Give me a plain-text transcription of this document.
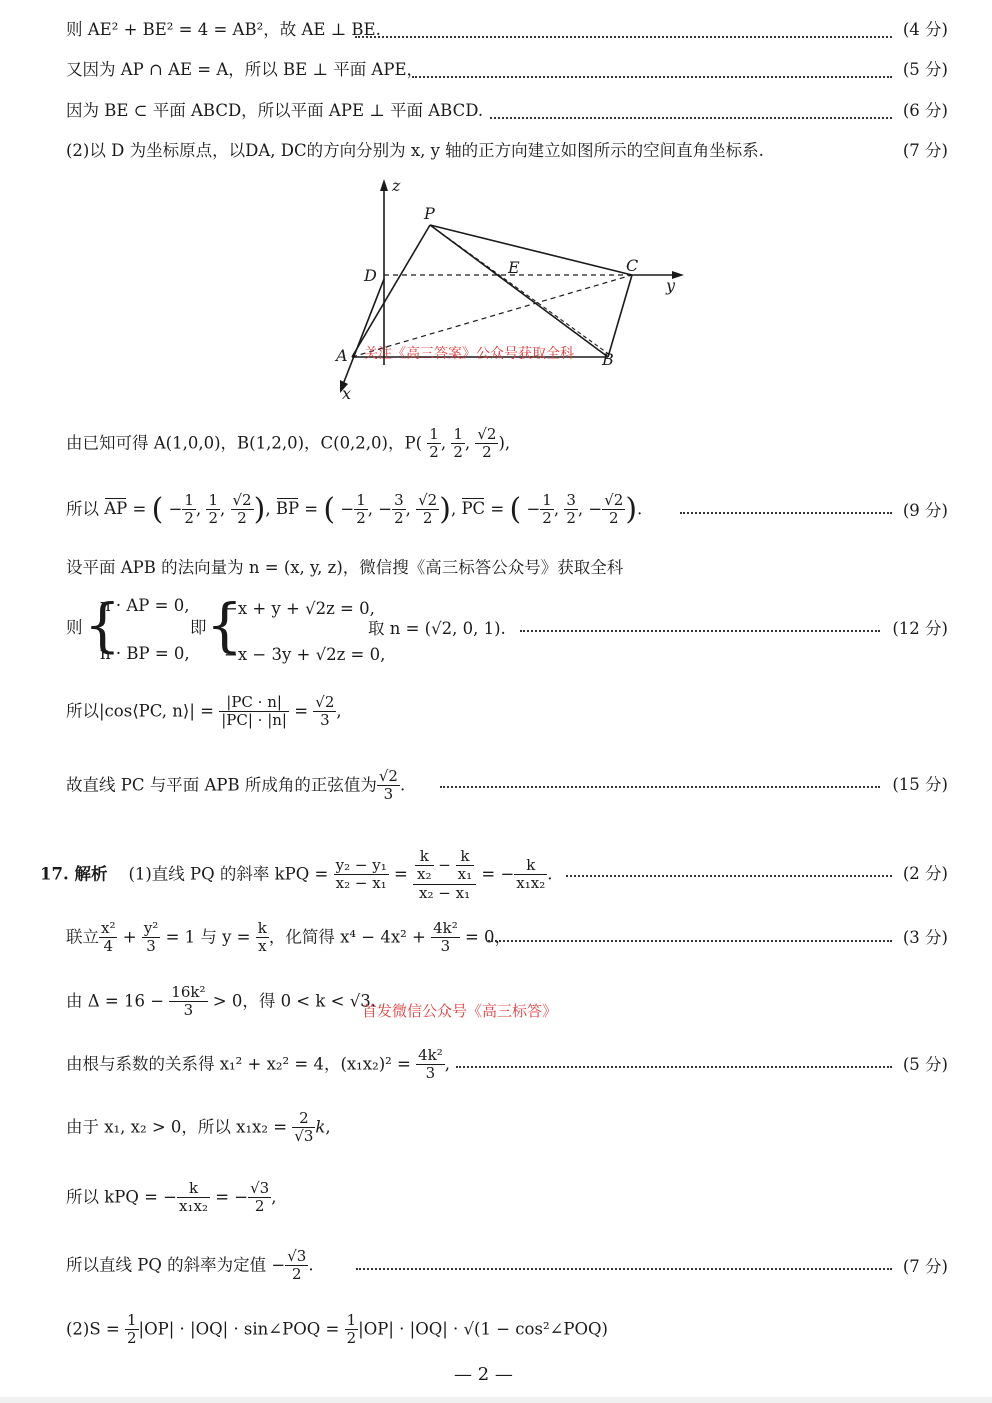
则 AE² + BE² = 4 = AB²，故 AE ⊥ BE.	(4 分)
又因为 AP ∩ AE = A，所以 BE ⊥ 平面 APE，	(5 分)
因为 BE ⊂ 平面 ABCD，所以平面 APE ⊥ 平面 ABCD.	(6 分)
(2)以 D 为坐标原点，以DA, DC的方向分别为 x, y 轴的正方向建立如图所示的空间直角坐标系.	(7 分)
z
y
x
P
D	E	C
A	B
关注《高三答案》公众号获取全科
由已知可得 A(1,0,0)，B(1,2,0)，C(0,2,0)，$P( \frac{1}{2}$ , $\frac{1}{2}$ , $\frac{√2}{2}$ ),
所以 AP = ( − $\frac{1}{2}$ , $\frac{1}{2}$ , $\frac{√2}{2}$ ), BP = ( − $\frac{1}{2}$ , − $\frac{3}{2}$ , $\frac{√2}{2}$ ), PC = ( − $\frac{1}{2}$ , $\frac{3}{2}$ , − $\frac{√2}{2}$ ).	(9 分)
设平面 APB 的法向量为 n = (x, y, z)，微信搜《高三标答公众号》获取全科
则 {
n · AP = 0,
n · BP = 0,
即 {
−x + y + √2z = 0,
−x − 3y + √2z = 0,
取 n = (√2, 0, 1).	(12 分)
所以|cos⟨PC, n⟩| = $\frac{|PC \cdot n|}{|PC| \cdot |n|} = \frac{√2}{3}$ ,
故直线 PC 与平面 APB 所成角的正弦值为 $\frac{√2}{3}$ .	(15 分)
17. 解析 (1)直线 PQ 的斜率 kPQ = $\frac{\text{y₂ − y₁}}{\text{x₂ − x₁}} = \frac{\frac{k}{\text{x₂}} - \frac{k}{\text{x₁}}}{\text{x₂ − x₁}}$ = − $\frac{k}{\text{x₁x₂}}$ .	(2 分)
联立 $\frac{\text{x²}}{4} + \frac{\text{y²}}{3} = 1$ 与 $y = \frac{k}{x}$ ，化简得 $x^4 - 4x^2 + \frac{\text{4k²}}{3} = 0$，	(3 分)
由 $\Delta = 16 - \frac{\text{16k²}}{3} > 0$，得 0 < k < √3.
首发微信公众号《高三标答》
由根与系数的关系得 x₁² + x₂² = 4，$(x_1x_2)^2 = \frac{\text{4k²}}{3}$ ,	(5 分)
由于 x₁, x₂ > 0，所以 $x_1x_2 = \frac{2}{√3} k$,
所以 kPQ = − $\frac{k}{\text{x₁x₂}}$ = − $\frac{√3}{2}$ ,
所以直线 PQ 的斜率为定值 − $\frac{√3}{2}$ .	(7 分)
$(2)S = \frac{1}{2} |OP| \cdot |OQ|$ · sin∠POQ = $\frac{1}{2} |OP| \cdot |OQ| \cdot √(1$ − cos²∠POQ)
— 2 —
